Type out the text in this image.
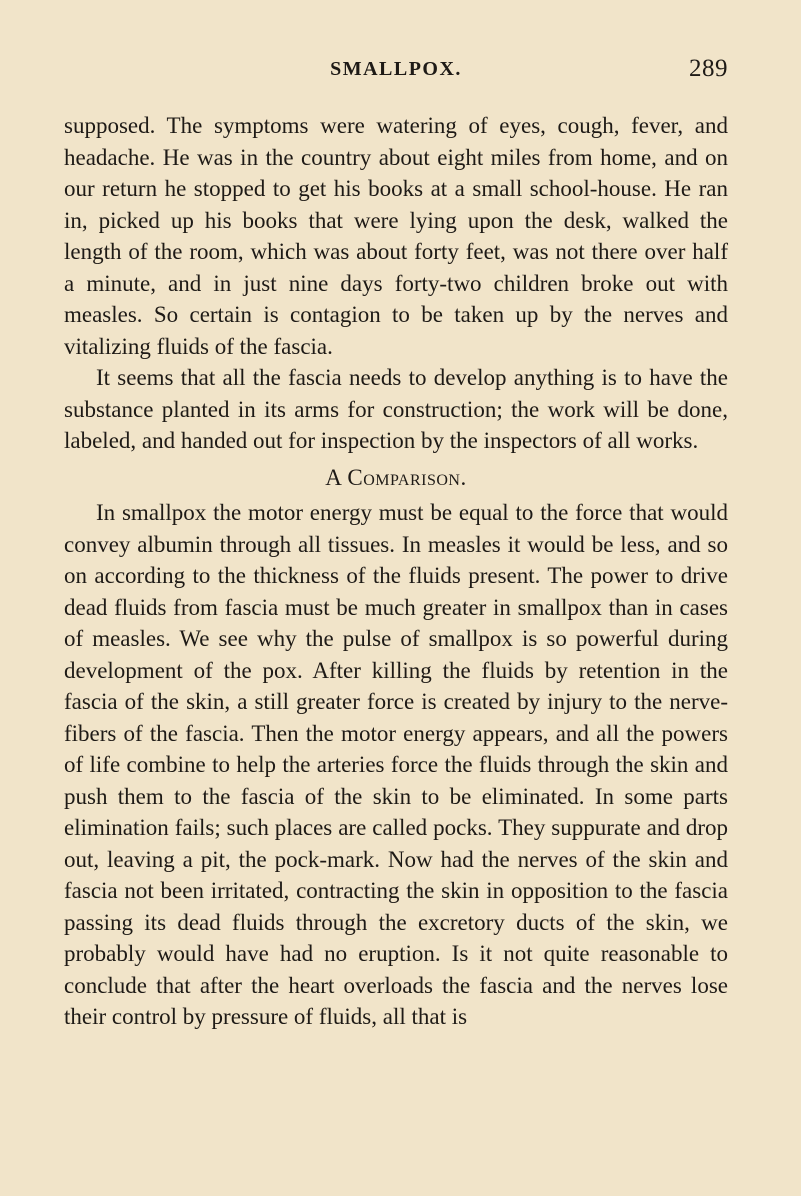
SMALLPOX.	289

supposed. The symptoms were watering of eyes, cough, fever, and headache. He was in the country about eight miles from home, and on our return he stopped to get his books at a small school-house. He ran in, picked up his books that were lying upon the desk, walked the length of the room, which was about forty feet, was not there over half a minute, and in just nine days forty-two children broke out with measles. So certain is contagion to be taken up by the nerves and vitalizing fluids of the fascia.

It seems that all the fascia needs to develop anything is to have the substance planted in its arms for construction; the work will be done, labeled, and handed out for inspection by the inspectors of all works.

A Comparison.

In smallpox the motor energy must be equal to the force that would convey albumin through all tissues. In measles it would be less, and so on according to the thickness of the fluids present. The power to drive dead fluids from fascia must be much greater in smallpox than in cases of measles. We see why the pulse of smallpox is so powerful during development of the pox. After killing the fluids by retention in the fascia of the skin, a still greater force is created by injury to the nerve-fibers of the fascia. Then the motor energy appears, and all the powers of life combine to help the arteries force the fluids through the skin and push them to the fascia of the skin to be eliminated. In some parts elimination fails; such places are called pocks. They suppurate and drop out, leaving a pit, the pock-mark. Now had the nerves of the skin and fascia not been irritated, contracting the skin in opposition to the fascia passing its dead fluids through the excretory ducts of the skin, we probably would have had no eruption. Is it not quite reasonable to conclude that after the heart overloads the fascia and the nerves lose their control by pressure of fluids, all that is
